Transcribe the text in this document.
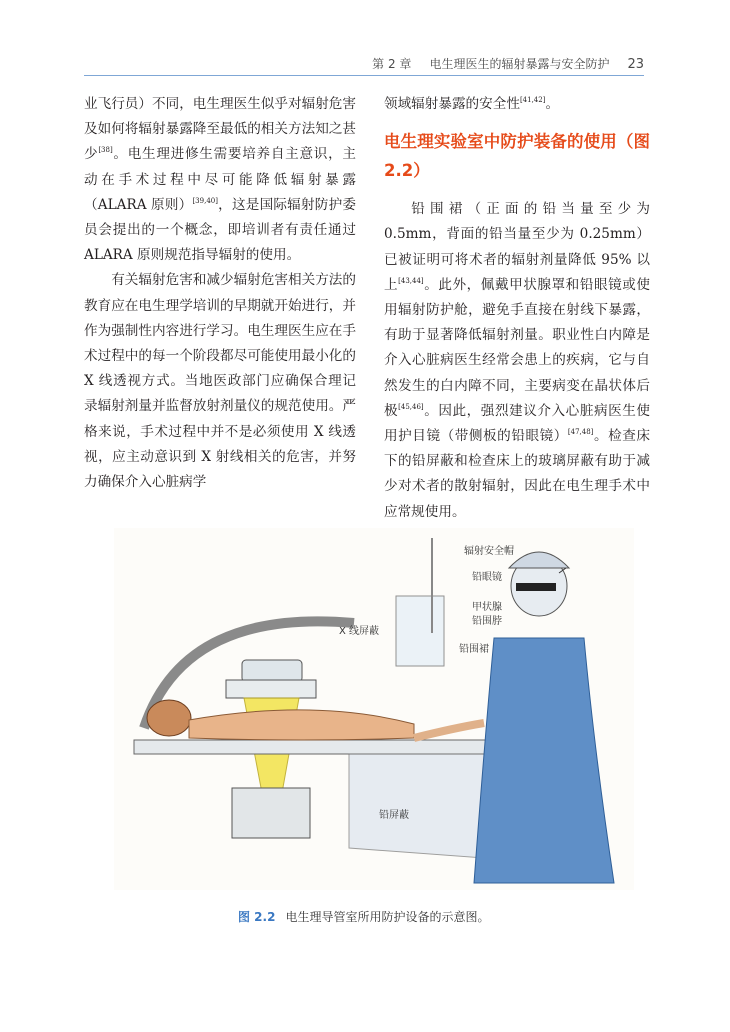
第 2 章 电生理医生的辐射暴露与安全防护 23

业飞行员）不同，电生理医生似乎对辐射危害及如何将辐射暴露降至最低的相关方法知之甚少[38]。电生理进修生需要培养自主意识，主动在手术过程中尽可能降低辐射暴露（ALARA 原则）[39,40]，这是国际辐射防护委员会提出的一个概念，即培训者有责任通过 ALARA 原则规范指导辐射的使用。

有关辐射危害和减少辐射危害相关方法的教育应在电生理学培训的早期就开始进行，并作为强制性内容进行学习。电生理医生应在手术过程中的每一个阶段都尽可能使用最小化的 X 线透视方式。当地医政部门应确保合理记录辐射剂量并监督放射剂量仪的规范使用。严格来说，手术过程中并不是必须使用 X 线透视，应主动意识到 X 射线相关的危害，并努力确保介入心脏病学

领域辐射暴露的安全性[41,42]。

电生理实验室中防护装备的使用（图 2.2）

铅围裙（正面的铅当量至少为 0.5mm，背面的铅当量至少为 0.25mm）已被证明可将术者的辐射剂量降低 95% 以上[43,44]。此外，佩戴甲状腺罩和铅眼镜或使用辐射防护舱，避免手直接在射线下暴露，有助于显著降低辐射剂量。职业性白内障是介入心脏病医生经常会患上的疾病，它与自然发生的白内障不同，主要病变在晶状体后极[45,46]。因此，强烈建议介入心脏病医生使用护目镜（带侧板的铅眼镜）[47,48]。检查床下的铅屏蔽和检查床上的玻璃屏蔽有助于减少对术者的散射辐射，因此在电生理手术中应常规使用。

辐射安全帽
铅眼镜
甲状腺
铅围脖
铅围裙
X 线屏蔽
铅屏蔽
图 2.2 电生理导管室所用防护设备的示意图。
